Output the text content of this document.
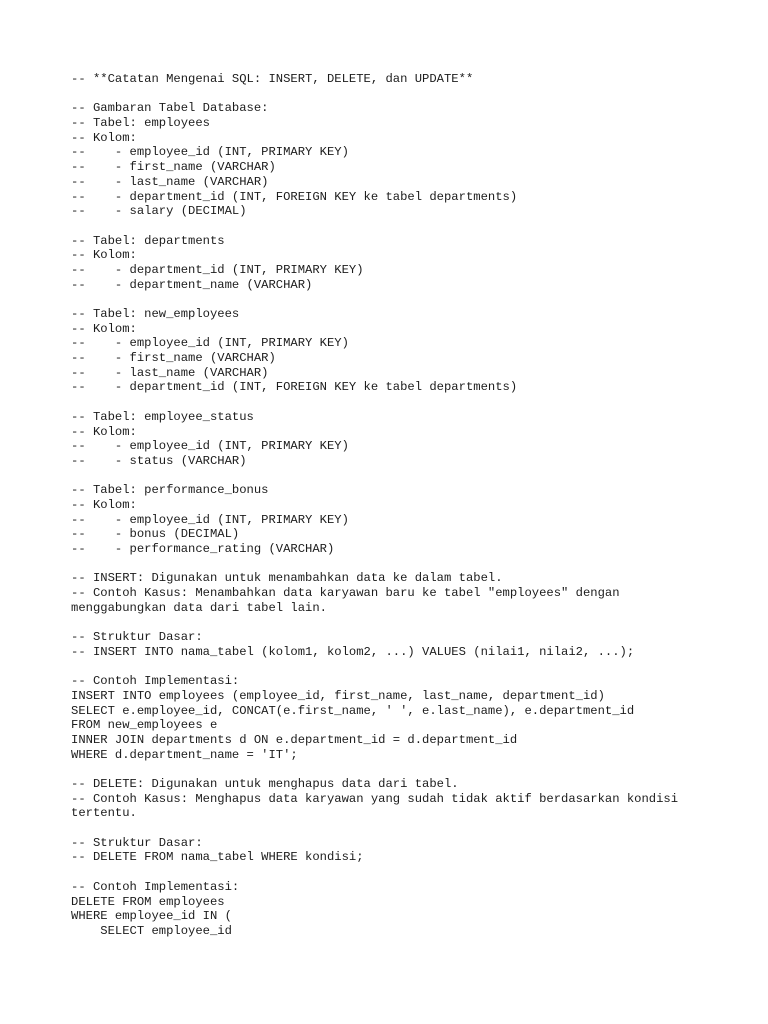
-- **Catatan Mengenai SQL: INSERT, DELETE, dan UPDATE**
-- Gambaran Tabel Database:
-- Tabel: employees
-- Kolom:
--    - employee_id (INT, PRIMARY KEY)
--    - first_name (VARCHAR)
--    - last_name (VARCHAR)
--    - department_id (INT, FOREIGN KEY ke tabel departments)
--    - salary (DECIMAL)
-- Tabel: departments
-- Kolom:
--    - department_id (INT, PRIMARY KEY)
--    - department_name (VARCHAR)
-- Tabel: new_employees
-- Kolom:
--    - employee_id (INT, PRIMARY KEY)
--    - first_name (VARCHAR)
--    - last_name (VARCHAR)
--    - department_id (INT, FOREIGN KEY ke tabel departments)
-- Tabel: employee_status
-- Kolom:
--    - employee_id (INT, PRIMARY KEY)
--    - status (VARCHAR)
-- Tabel: performance_bonus
-- Kolom:
--    - employee_id (INT, PRIMARY KEY)
--    - bonus (DECIMAL)
--    - performance_rating (VARCHAR)
-- INSERT: Digunakan untuk menambahkan data ke dalam tabel.
-- Contoh Kasus: Menambahkan data karyawan baru ke tabel "employees" dengan
menggabungkan data dari tabel lain.
-- Struktur Dasar:
-- INSERT INTO nama_tabel (kolom1, kolom2, ...) VALUES (nilai1, nilai2, ...);
-- Contoh Implementasi:
INSERT INTO employees (employee_id, first_name, last_name, department_id)
SELECT e.employee_id, CONCAT(e.first_name, ' ', e.last_name), e.department_id
FROM new_employees e
INNER JOIN departments d ON e.department_id = d.department_id
WHERE d.department_name = 'IT';
-- DELETE: Digunakan untuk menghapus data dari tabel.
-- Contoh Kasus: Menghapus data karyawan yang sudah tidak aktif berdasarkan kondisi
tertentu.
-- Struktur Dasar:
-- DELETE FROM nama_tabel WHERE kondisi;
-- Contoh Implementasi:
DELETE FROM employees
WHERE employee_id IN (
SELECT employee_id
